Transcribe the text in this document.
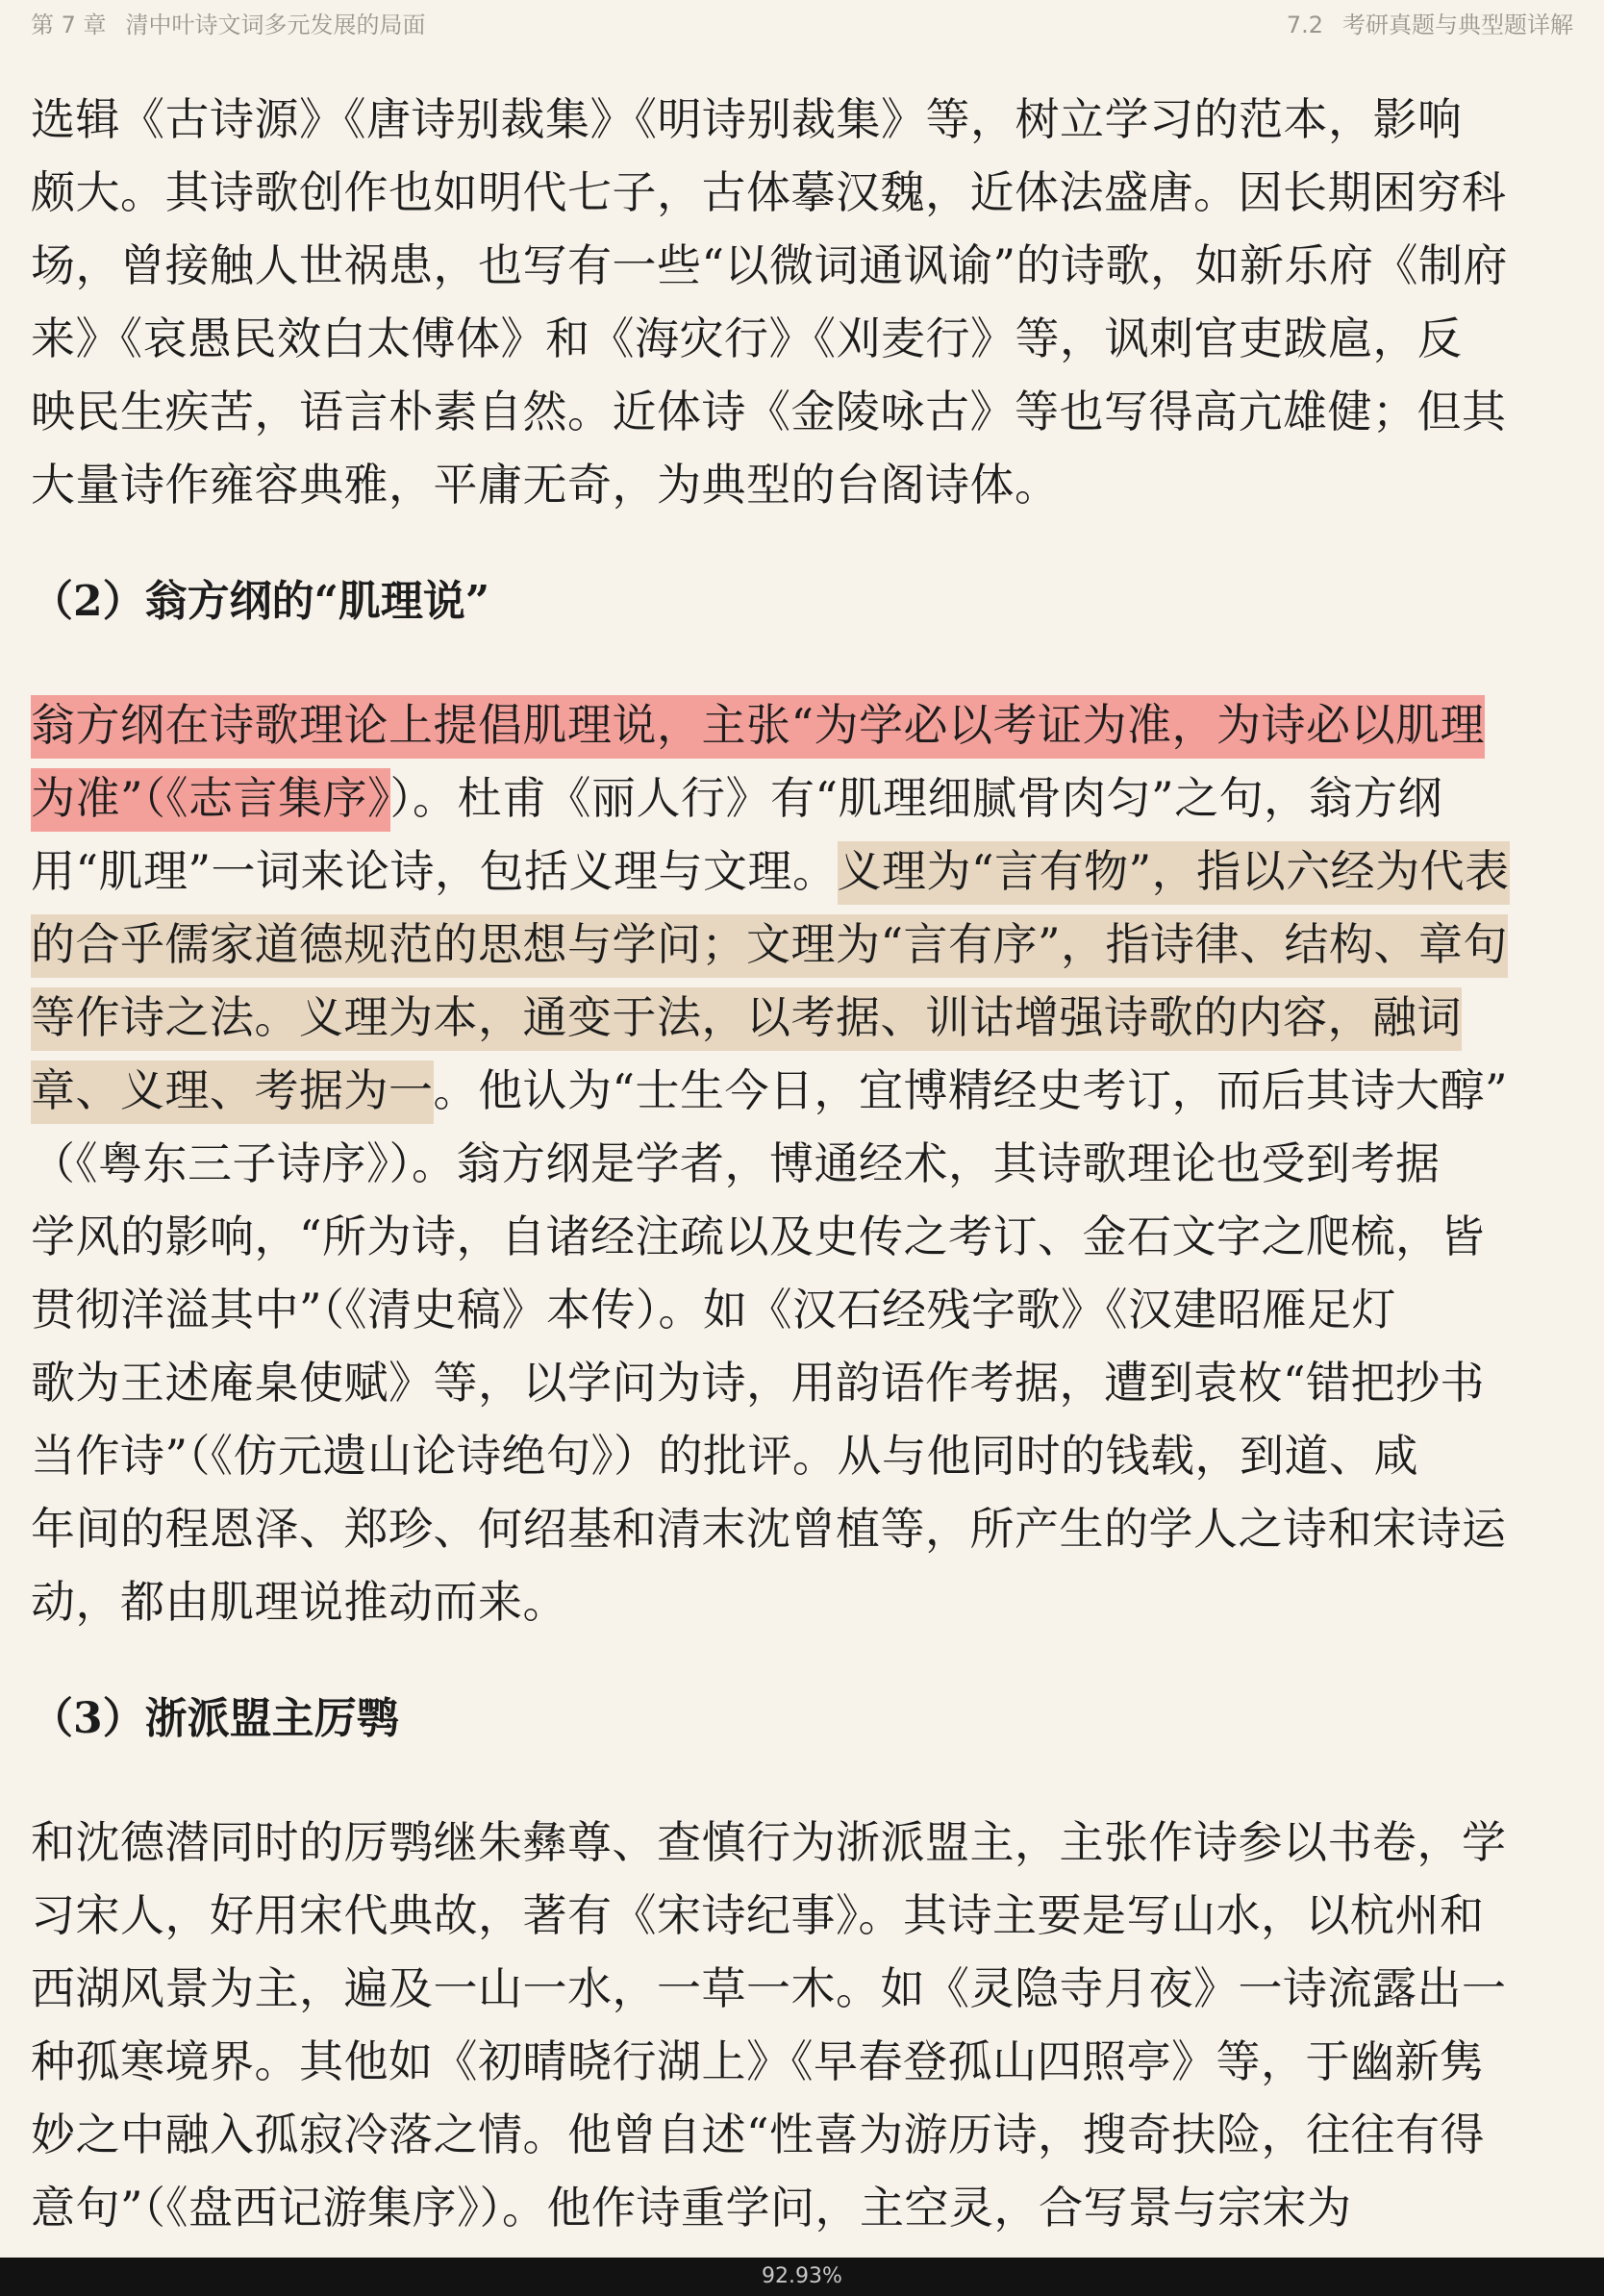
第 7 章 清中叶诗文词多元发展的局面	7.2 考研真题与典型题详解

选辑《古诗源》《唐诗别裁集》《明诗别裁集》等，树立学习的范本，影响
颇大。其诗歌创作也如明代七子，古体摹汉魏，近体法盛唐。因长期困穷科
场，曾接触人世祸患，也写有一些“以微词通讽谕”的诗歌，如新乐府《制府
来》《哀愚民效白太傅体》和《海灾行》《刈麦行》等，讽刺官吏跋扈，反
映民生疾苦，语言朴素自然。近体诗《金陵咏古》等也写得高亢雄健；但其
大量诗作雍容典雅，平庸无奇，为典型的台阁诗体。

（2）翁方纲的“肌理说”

翁方纲在诗歌理论上提倡肌理说，主张“为学必以考证为准，为诗必以肌理
为准”（《志言集序》）。杜甫《丽人行》有“肌理细腻骨肉匀”之句，翁方纲
用“肌理”一词来论诗，包括义理与文理。义理为“言有物”，指以六经为代表
的合乎儒家道德规范的思想与学问；文理为“言有序”，指诗律、结构、章句
等作诗之法。义理为本，通变于法，以考据、训诂增强诗歌的内容，融词
章、义理、考据为一。他认为“士生今日，宜博精经史考订，而后其诗大醇”
（《粤东三子诗序》）。翁方纲是学者，博通经术，其诗歌理论也受到考据
学风的影响，“所为诗，自诸经注疏以及史传之考订、金石文字之爬梳，皆
贯彻洋溢其中”（《清史稿》本传）。如《汉石经残字歌》《汉建昭雁足灯
歌为王述庵臬使赋》等，以学问为诗，用韵语作考据，遭到袁枚“错把抄书
当作诗”（《仿元遗山论诗绝句》）的批评。从与他同时的钱载，到道、咸
年间的程恩泽、郑珍、何绍基和清末沈曾植等，所产生的学人之诗和宋诗运
动，都由肌理说推动而来。

（3）浙派盟主厉鹗

和沈德潜同时的厉鹗继朱彝尊、查慎行为浙派盟主，主张作诗参以书卷，学
习宋人，好用宋代典故，著有《宋诗纪事》。其诗主要是写山水，以杭州和
西湖风景为主，遍及一山一水，一草一木。如《灵隐寺月夜》一诗流露出一
种孤寒境界。其他如《初晴晓行湖上》《早春登孤山四照亭》等，于幽新隽
妙之中融入孤寂冷落之情。他曾自述“性喜为游历诗，搜奇扶险，往往有得
意句”（《盘西记游集序》）。他作诗重学问，主空灵，合写景与宗宋为

92.93%
